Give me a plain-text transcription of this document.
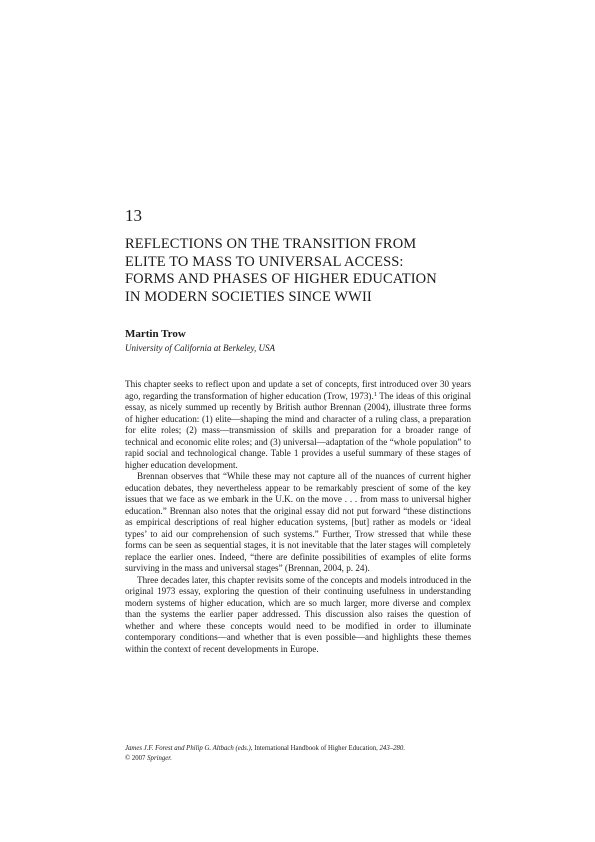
13
REFLECTIONS ON THE TRANSITION FROM
ELITE TO MASS TO UNIVERSAL ACCESS:
FORMS AND PHASES OF HIGHER EDUCATION
IN MODERN SOCIETIES SINCE WWII
Martin Trow
University of California at Berkeley, USA

This chapter seeks to reflect upon and update a set of concepts, first introduced over 30 years ago, regarding the transformation of higher education (Trow, 1973).$^1$ The ideas of this original essay, as nicely summed up recently by British author Brennan (2004), illustrate three forms of higher education: (1) elite—shaping the mind and character of a ruling class, a preparation for elite roles; (2) mass—transmission of skills and preparation for a broader range of technical and economic elite roles; and (3) universal—adaptation of the “whole population” to rapid social and technological change. Table 1 provides a useful summary of these stages of higher education development.

Brennan observes that “While these may not capture all of the nuances of current higher education debates, they nevertheless appear to be remarkably prescient of some of the key issues that we face as we embark in the U.K. on the move . . . from mass to universal higher education.” Brennan also notes that the original essay did not put forward “these distinctions as empirical descriptions of real higher education systems, [but] rather as models or ‘ideal types’ to aid our comprehension of such systems.” Further, Trow stressed that while these forms can be seen as sequential stages, it is not inevitable that the later stages will completely replace the earlier ones. Indeed, “there are definite possibilities of examples of elite forms surviving in the mass and universal stages” (Brennan, 2004, p. 24).

Three decades later, this chapter revisits some of the concepts and models introduced in the original 1973 essay, exploring the question of their continuing usefulness in understanding modern systems of higher education, which are so much larger, more diverse and complex than the systems the earlier paper addressed. This discussion also raises the question of whether and where these concepts would need to be modified in order to illuminate contemporary conditions—and whether that is even possible—and highlights these themes within the context of recent developments in Europe.

James J.F. Forest and Philip G. Altbach (eds.), International Handbook of Higher Education, 243–280.
© 2007 Springer.
